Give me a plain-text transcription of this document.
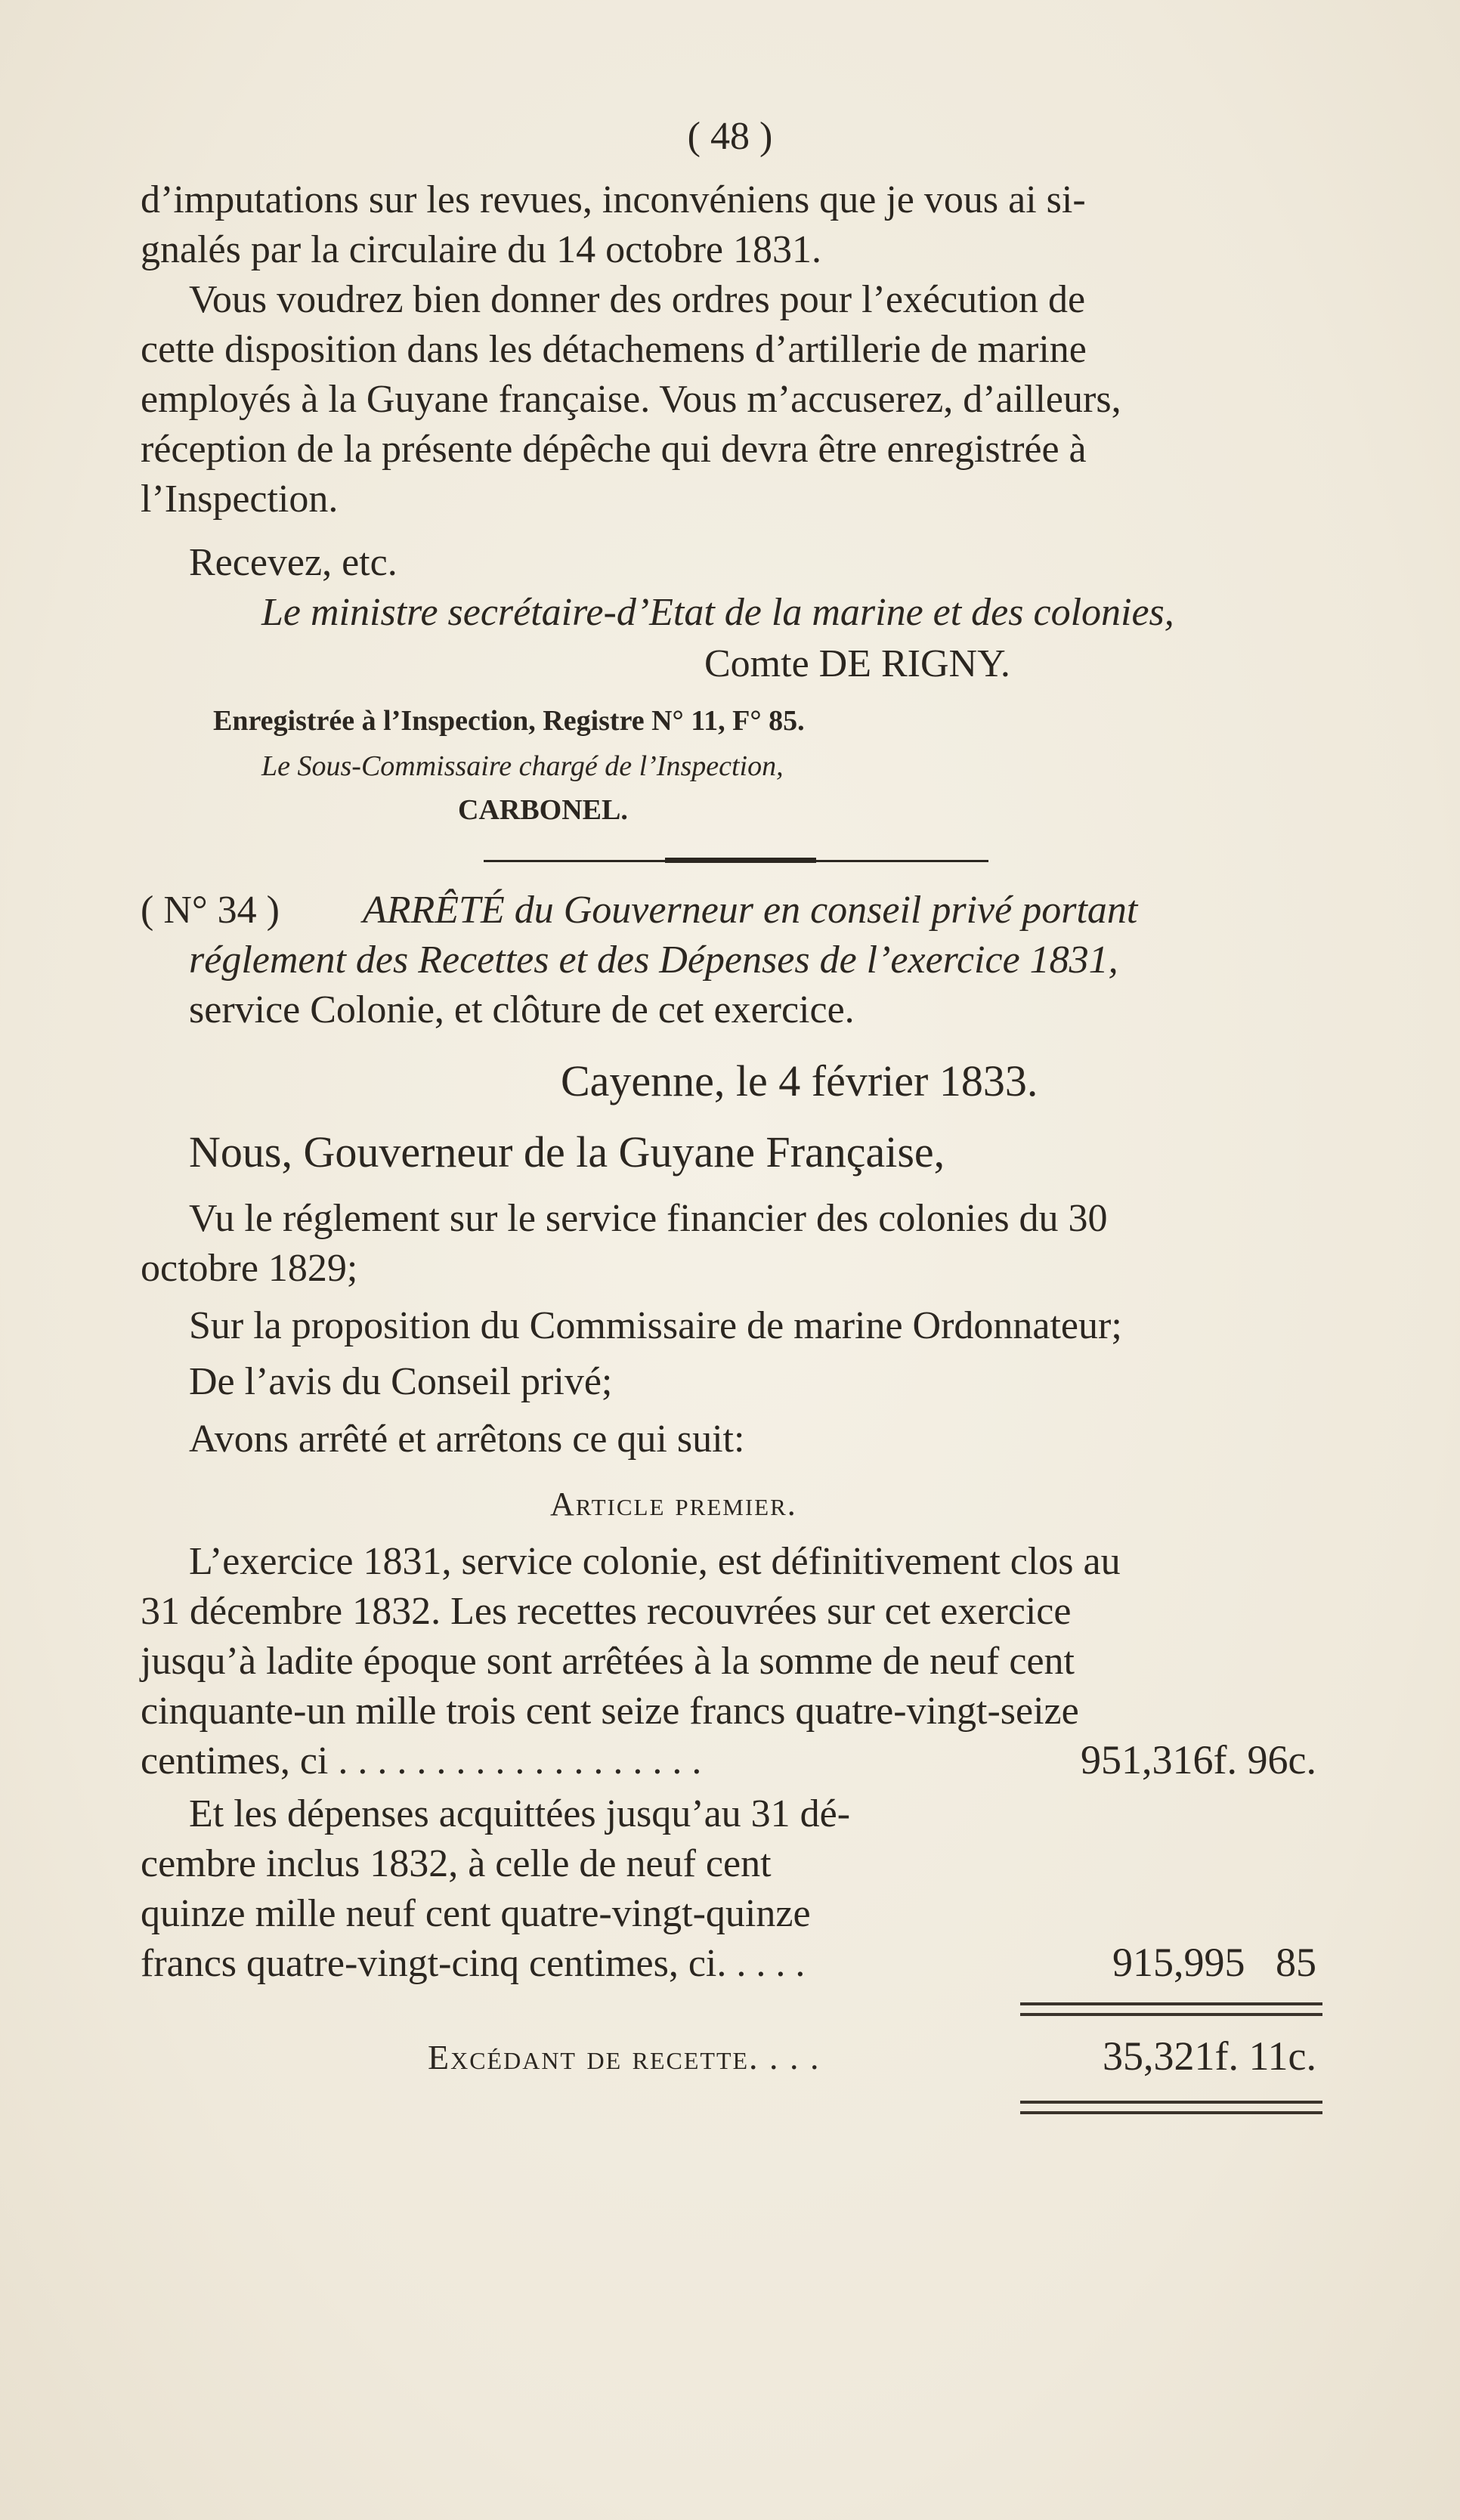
( 48 )
d’imputations sur les revues, inconvéniens que je vous ai si-
gnalés par la circulaire du 14 octobre 1831.
Vous voudrez bien donner des ordres pour l’exécution de
cette disposition dans les détachemens d’artillerie de marine
employés à la Guyane française. Vous m’accuserez, d’ailleurs,
réception de la présente dépêche qui devra être enregistrée à
l’Inspection.
Recevez, etc.
Le ministre secrétaire-d’Etat de la marine et des colonies,
Comte DE RIGNY.
Enregistrée à l’Inspection, Registre N° 11, F° 85.
Le Sous-Commissaire chargé de l’Inspection,
CARBONEL.
( N° 34 ) ARRÊTÉ du Gouverneur en conseil privé portant
réglement des Recettes et des Dépenses de l’exercice 1831,
service Colonie, et clôture de cet exercice.
Cayenne, le 4 février 1833.
Nous, Gouverneur de la Guyane Française,
Vu le réglement sur le service financier des colonies du 30
octobre 1829;
Sur la proposition du Commissaire de marine Ordonnateur;
De l’avis du Conseil privé;
Avons arrêté et arrêtons ce qui suit:
Article premier.
L’exercice 1831, service colonie, est définitivement clos au
31 décembre 1832. Les recettes recouvrées sur cet exercice
jusqu’à ladite époque sont arrêtées à la somme de neuf cent
cinquante-un mille trois cent seize francs quatre-vingt-seize
centimes, ci . . . . . . . . . . . . . . . . . . .	951,316f. 96c.
Et les dépenses acquittées jusqu’au 31 dé-
cembre inclus 1832, à celle de neuf cent
quinze mille neuf cent quatre-vingt-quinze
francs quatre-vingt-cinq centimes, ci. . . . .	915,995   85
Excédant de recette. . . .	35,321f. 11c.
